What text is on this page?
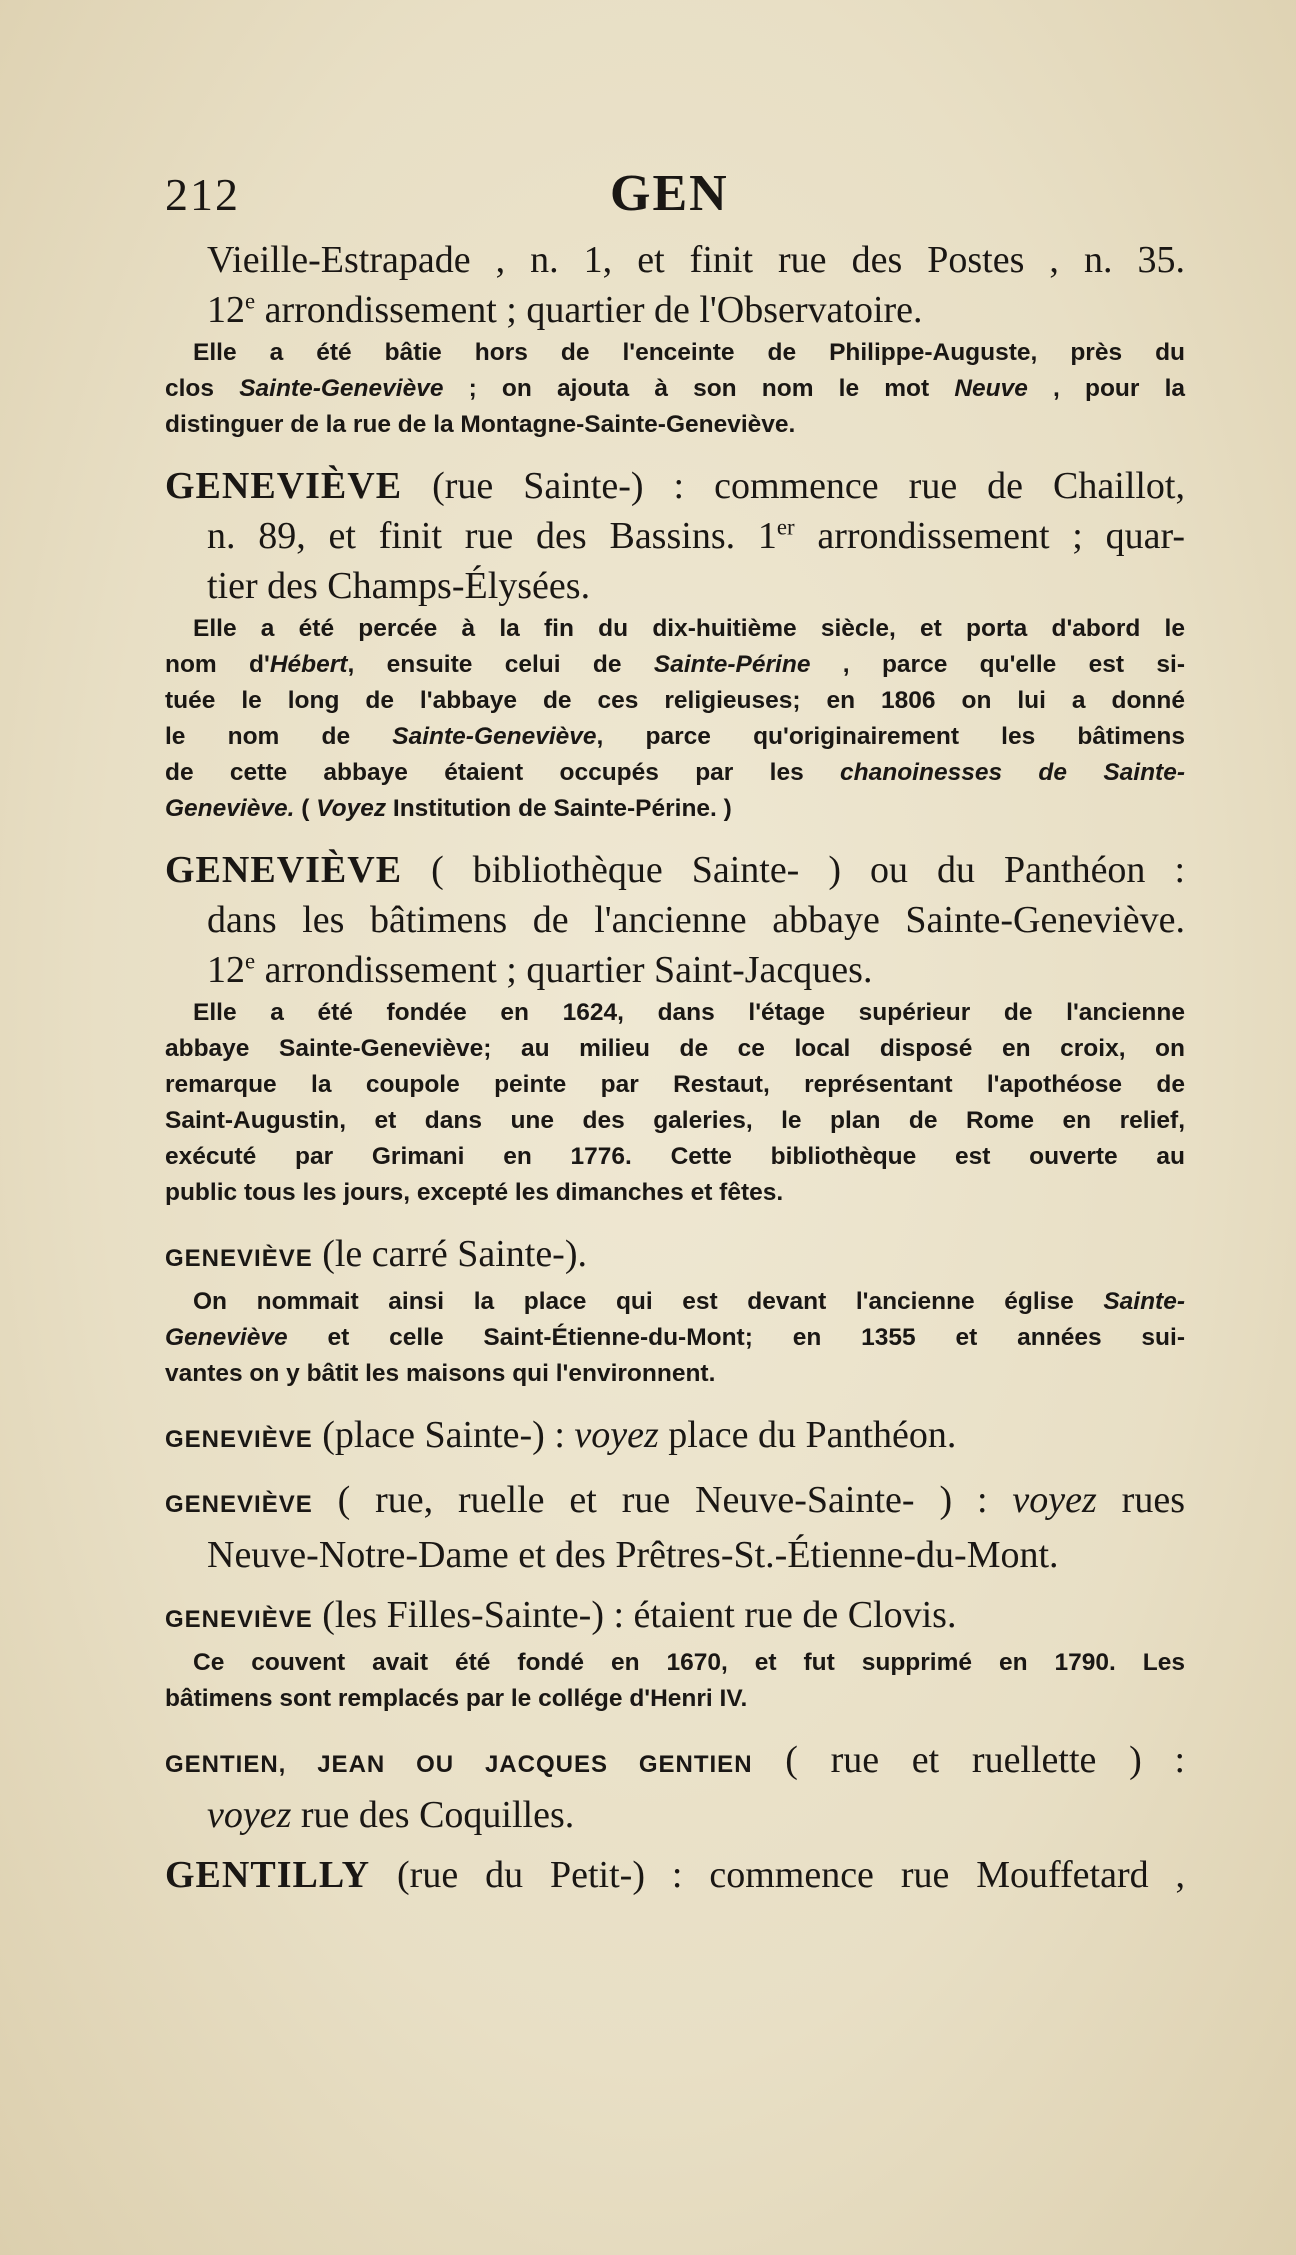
212	GEN
Vieille-Estrapade , n. 1, et finit rue des Postes , n. 35.
12e arrondissement ; quartier de l'Observatoire.
Elle a été bâtie hors de l'enceinte de Philippe-Auguste, près du
clos Sainte-Geneviève ; on ajouta à son nom le mot Neuve , pour la
distinguer de la rue de la Montagne-Sainte-Geneviève.
GENEVIÈVE (rue Sainte-) : commence rue de Chaillot,
n. 89, et finit rue des Bassins. 1er arrondissement ; quar-
tier des Champs-Élysées.
Elle a été percée à la fin du dix-huitième siècle, et porta d'abord le
nom d'Hébert, ensuite celui de Sainte-Périne , parce qu'elle est si-
tuée le long de l'abbaye de ces religieuses; en 1806 on lui a donné
le nom de Sainte-Geneviève, parce qu'originairement les bâtimens
de cette abbaye étaient occupés par les chanoinesses de Sainte-
Geneviève. ( Voyez Institution de Sainte-Périne. )
GENEVIÈVE ( bibliothèque Sainte- ) ou du Panthéon :
dans les bâtimens de l'ancienne abbaye Sainte-Geneviève.
12e arrondissement ; quartier Saint-Jacques.
Elle a été fondée en 1624, dans l'étage supérieur de l'ancienne
abbaye Sainte-Geneviève; au milieu de ce local disposé en croix, on
remarque la coupole peinte par Restaut, représentant l'apothéose de
Saint-Augustin, et dans une des galeries, le plan de Rome en relief,
exécuté par Grimani en 1776. Cette bibliothèque est ouverte au
public tous les jours, excepté les dimanches et fêtes.
GENEVIÈVE (le carré Sainte-).
On nommait ainsi la place qui est devant l'ancienne église Sainte-
Geneviève et celle Saint-Étienne-du-Mont; en 1355 et années sui-
vantes on y bâtit les maisons qui l'environnent.
GENEVIÈVE (place Sainte-) : voyez place du Panthéon.
GENEVIÈVE ( rue, ruelle et rue Neuve-Sainte- ) : voyez rues
Neuve-Notre-Dame et des Prêtres-St.-Étienne-du-Mont.
GENEVIÈVE (les Filles-Sainte-) : étaient rue de Clovis.
Ce couvent avait été fondé en 1670, et fut supprimé en 1790. Les
bâtimens sont remplacés par le collége d'Henri IV.
GENTIEN, JEAN OU JACQUES GENTIEN ( rue et ruellette ) :
voyez rue des Coquilles.
GENTILLY (rue du Petit-) : commence rue Mouffetard ,
